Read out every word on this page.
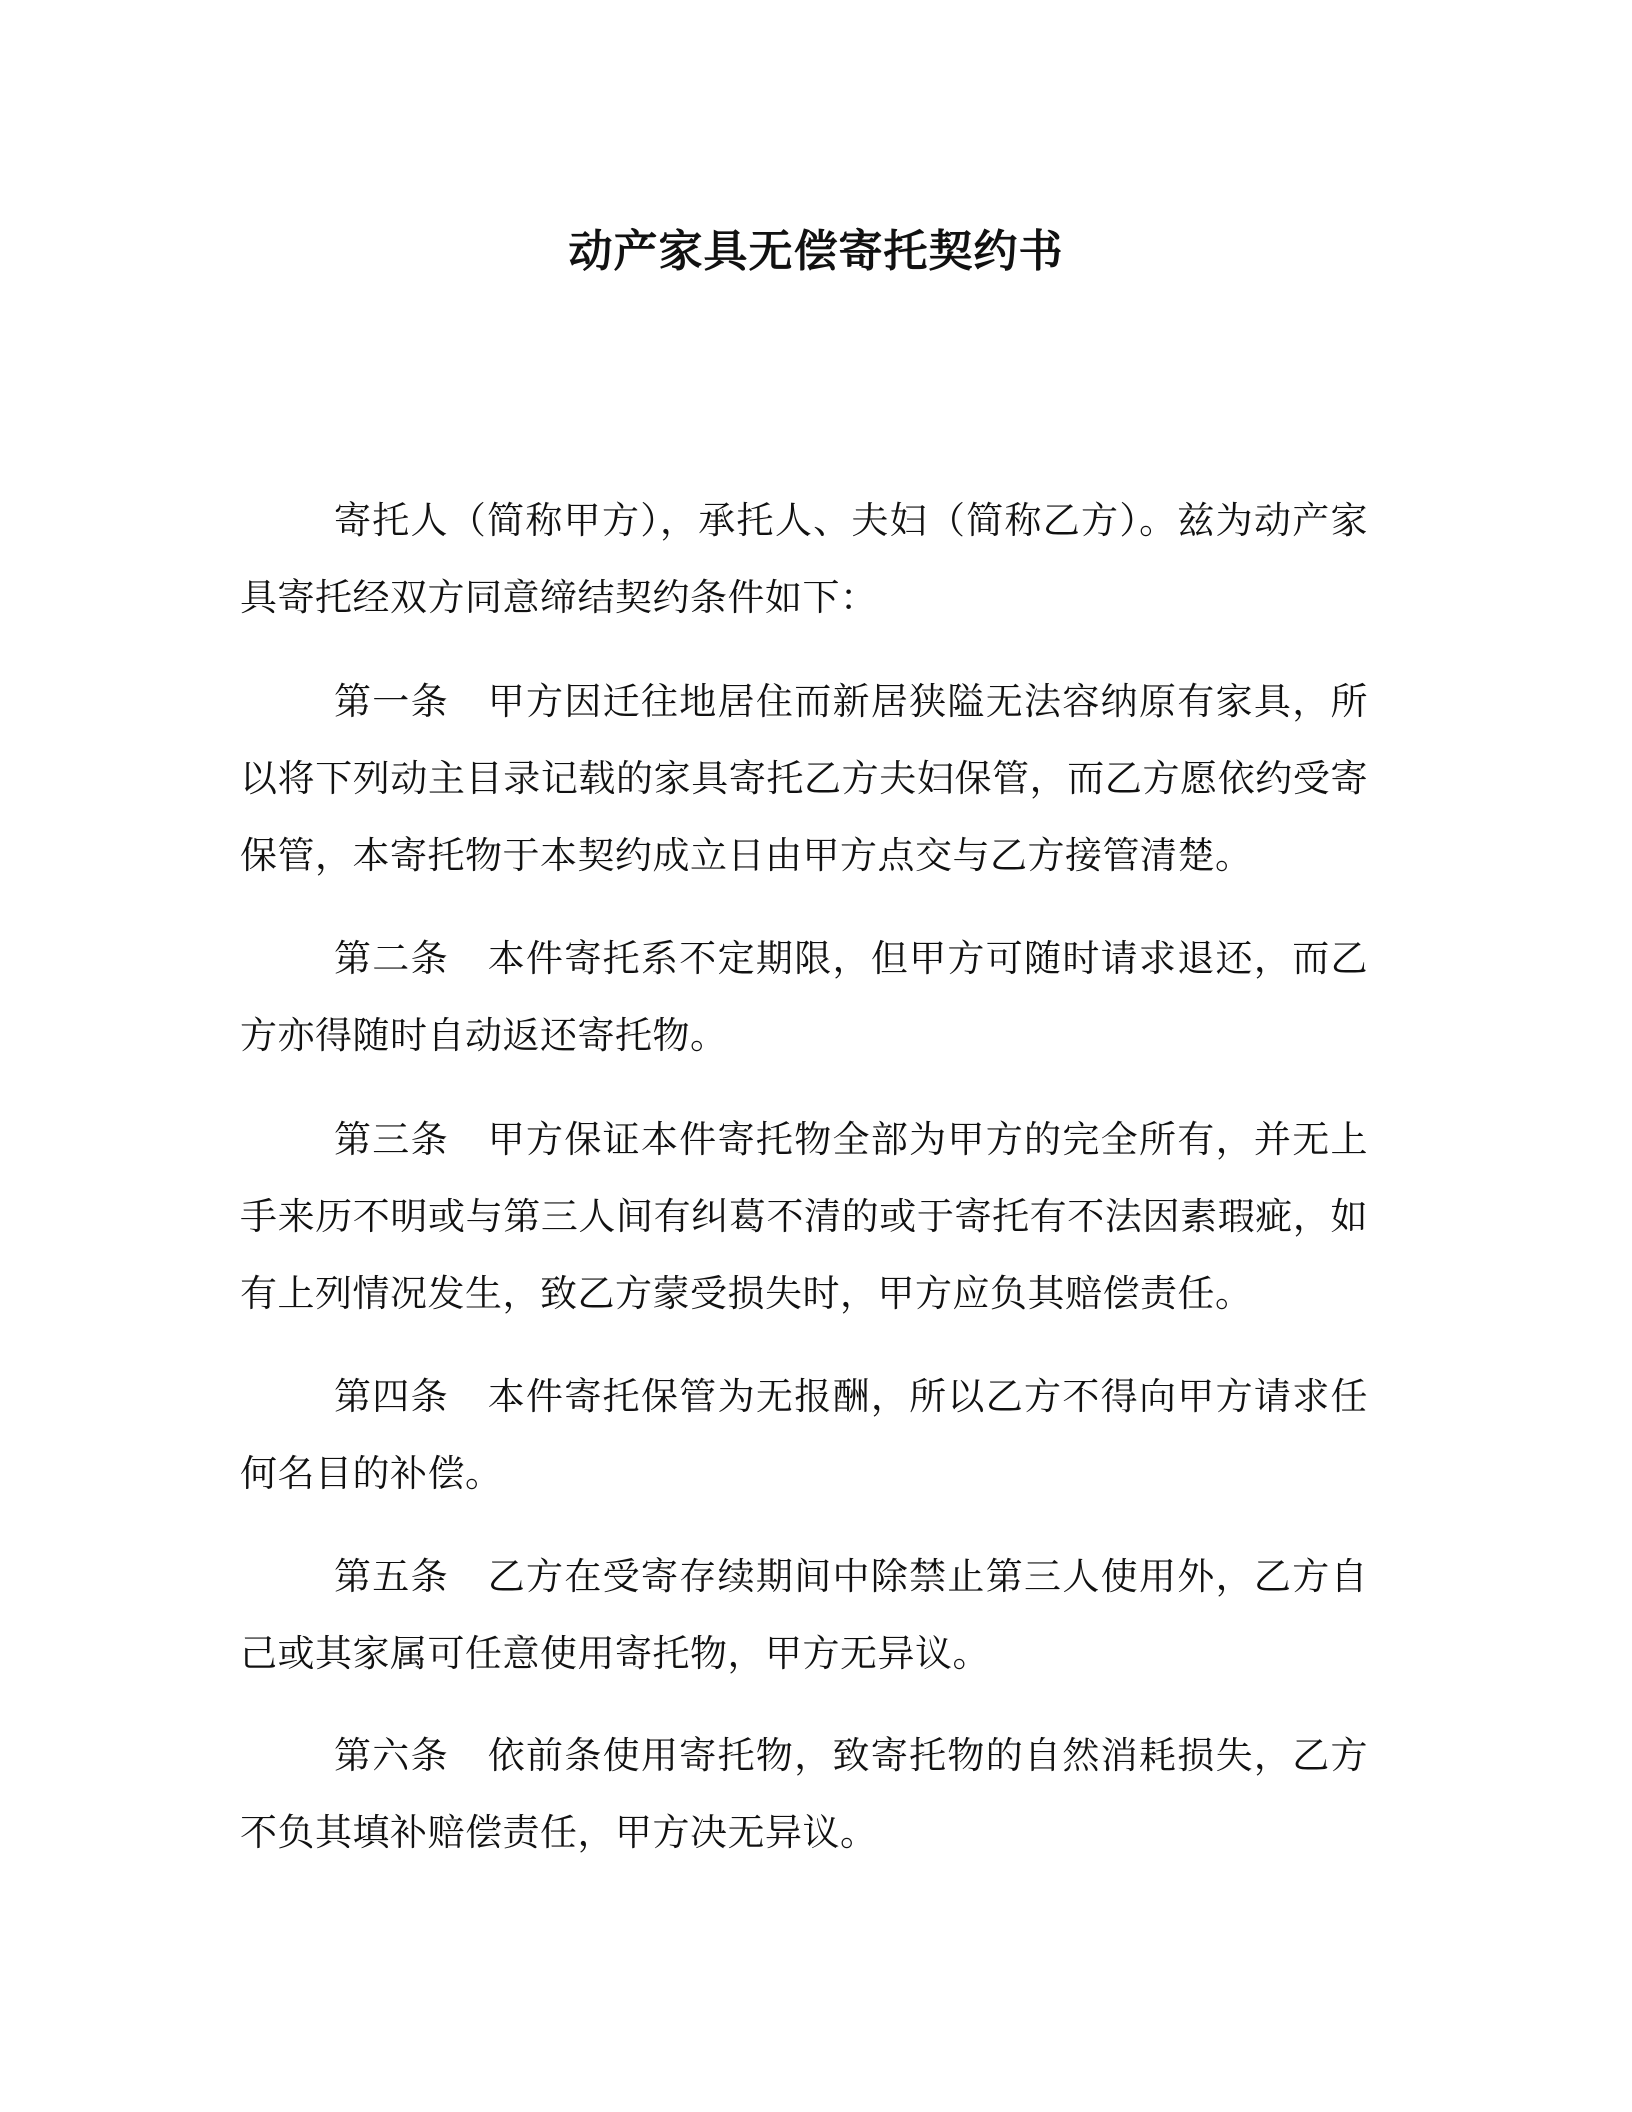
动产家具无偿寄托契约书

寄托人（简称甲方），承托人、夫妇（简称乙方）。兹为动产家具寄托经双方同意缔结契约条件如下：

第一条 甲方因迁往地居住而新居狭隘无法容纳原有家具，所以将下列动主目录记载的家具寄托乙方夫妇保管，而乙方愿依约受寄保管，本寄托物于本契约成立日由甲方点交与乙方接管清楚。

第二条 本件寄托系不定期限，但甲方可随时请求退还，而乙方亦得随时自动返还寄托物。

第三条 甲方保证本件寄托物全部为甲方的完全所有，并无上手来历不明或与第三人间有纠葛不清的或于寄托有不法因素瑕疵，如有上列情况发生，致乙方蒙受损失时，甲方应负其赔偿责任。

第四条 本件寄托保管为无报酬，所以乙方不得向甲方请求任何名目的补偿。

第五条 乙方在受寄存续期间中除禁止第三人使用外，乙方自己或其家属可任意使用寄托物，甲方无异议。

第六条 依前条使用寄托物，致寄托物的自然消耗损失，乙方不负其填补赔偿责任，甲方决无异议。
